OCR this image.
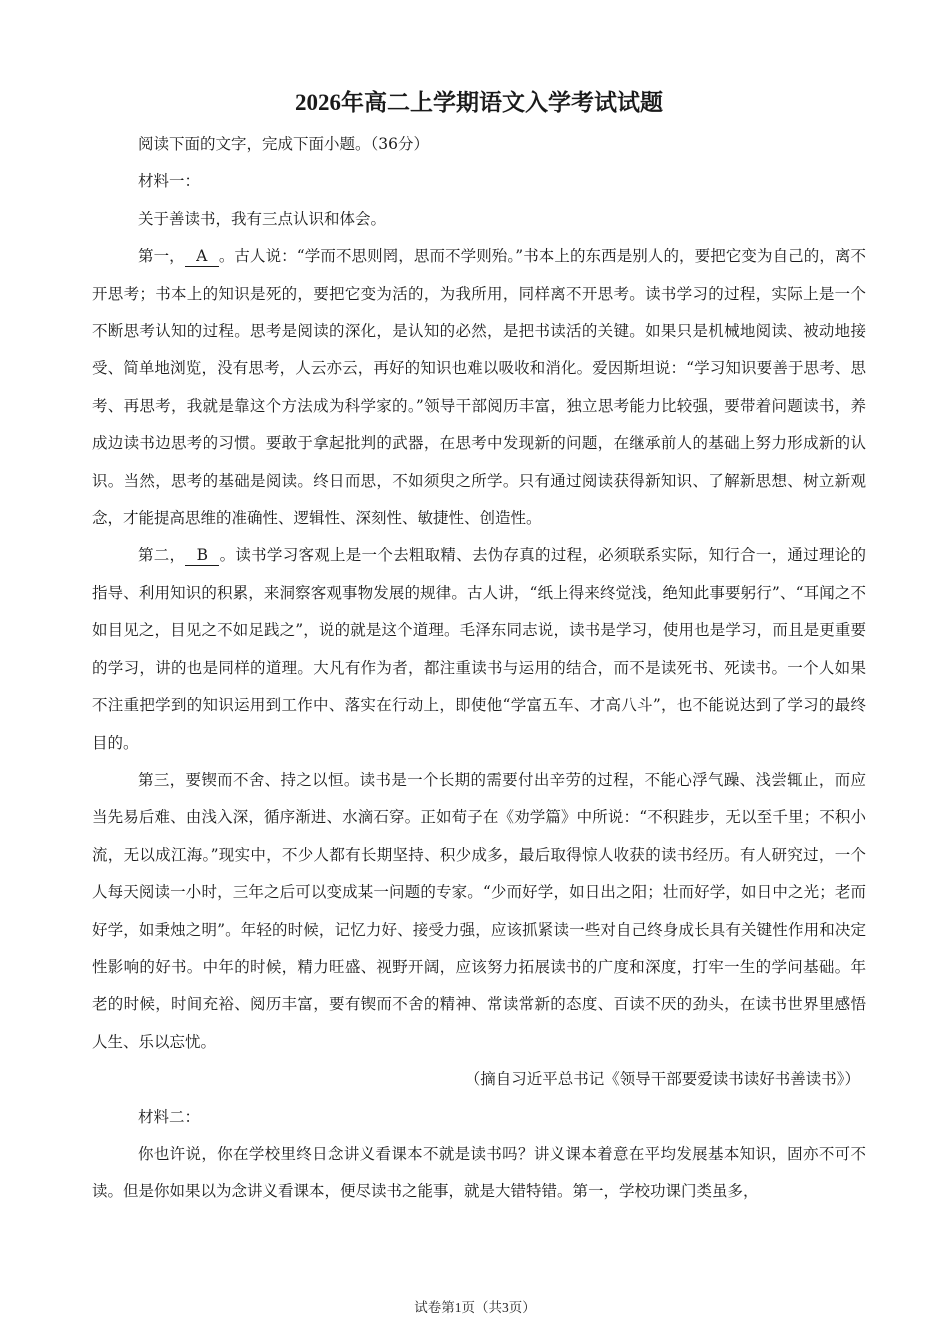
2026年高二上学期语文入学考试试题

阅读下面的文字，完成下面小题。（36分）

材料一：

关于善读书，我有三点认识和体会。

第一， A 。古人说：“学而不思则罔，思而不学则殆。”书本上的东西是别人的，要把它变为自己的，离不开思考；书本上的知识是死的，要把它变为活的，为我所用，同样离不开思考。读书学习的过程，实际上是一个不断思考认知的过程。思考是阅读的深化，是认知的必然，是把书读活的关键。如果只是机械地阅读、被动地接受、简单地浏览，没有思考，人云亦云，再好的知识也难以吸收和消化。爱因斯坦说：“学习知识要善于思考、思考、再思考，我就是靠这个方法成为科学家的。”领导干部阅历丰富，独立思考能力比较强，要带着问题读书，养成边读书边思考的习惯。要敢于拿起批判的武器，在思考中发现新的问题，在继承前人的基础上努力形成新的认识。当然，思考的基础是阅读。终日而思，不如须臾之所学。只有通过阅读获得新知识、了解新思想、树立新观念，才能提高思维的准确性、逻辑性、深刻性、敏捷性、创造性。

第二， B 。读书学习客观上是一个去粗取精、去伪存真的过程，必须联系实际，知行合一，通过理论的指导、利用知识的积累，来洞察客观事物发展的规律。古人讲，“纸上得来终觉浅，绝知此事要躬行”、“耳闻之不如目见之，目见之不如足践之”，说的就是这个道理。毛泽东同志说，读书是学习，使用也是学习，而且是更重要的学习，讲的也是同样的道理。大凡有作为者，都注重读书与运用的结合，而不是读死书、死读书。一个人如果不注重把学到的知识运用到工作中、落实在行动上，即使他“学富五车、才高八斗”，也不能说达到了学习的最终目的。

第三，要锲而不舍、持之以恒。读书是一个长期的需要付出辛劳的过程，不能心浮气躁、浅尝辄止，而应当先易后难、由浅入深，循序渐进、水滴石穿。正如荀子在《劝学篇》中所说：“不积跬步，无以至千里；不积小流，无以成江海。”现实中，不少人都有长期坚持、积少成多，最后取得惊人收获的读书经历。有人研究过，一个人每天阅读一小时，三年之后可以变成某一问题的专家。“少而好学，如日出之阳；壮而好学，如日中之光；老而好学，如秉烛之明”。年轻的时候，记忆力好、接受力强，应该抓紧读一些对自己终身成长具有关键性作用和决定性影响的好书。中年的时候，精力旺盛、视野开阔，应该努力拓展读书的广度和深度，打牢一生的学问基础。年老的时候，时间充裕、阅历丰富，要有锲而不舍的精神、常读常新的态度、百读不厌的劲头，在读书世界里感悟人生、乐以忘忧。

（摘自习近平总书记《领导干部要爱读书读好书善读书》）

材料二：

你也许说，你在学校里终日念讲义看课本不就是读书吗？讲义课本着意在平均发展基本知识，固亦不可不读。但是你如果以为念讲义看课本，便尽读书之能事，就是大错特错。第一，学校功课门类虽多，

试卷第1页（共3页）
